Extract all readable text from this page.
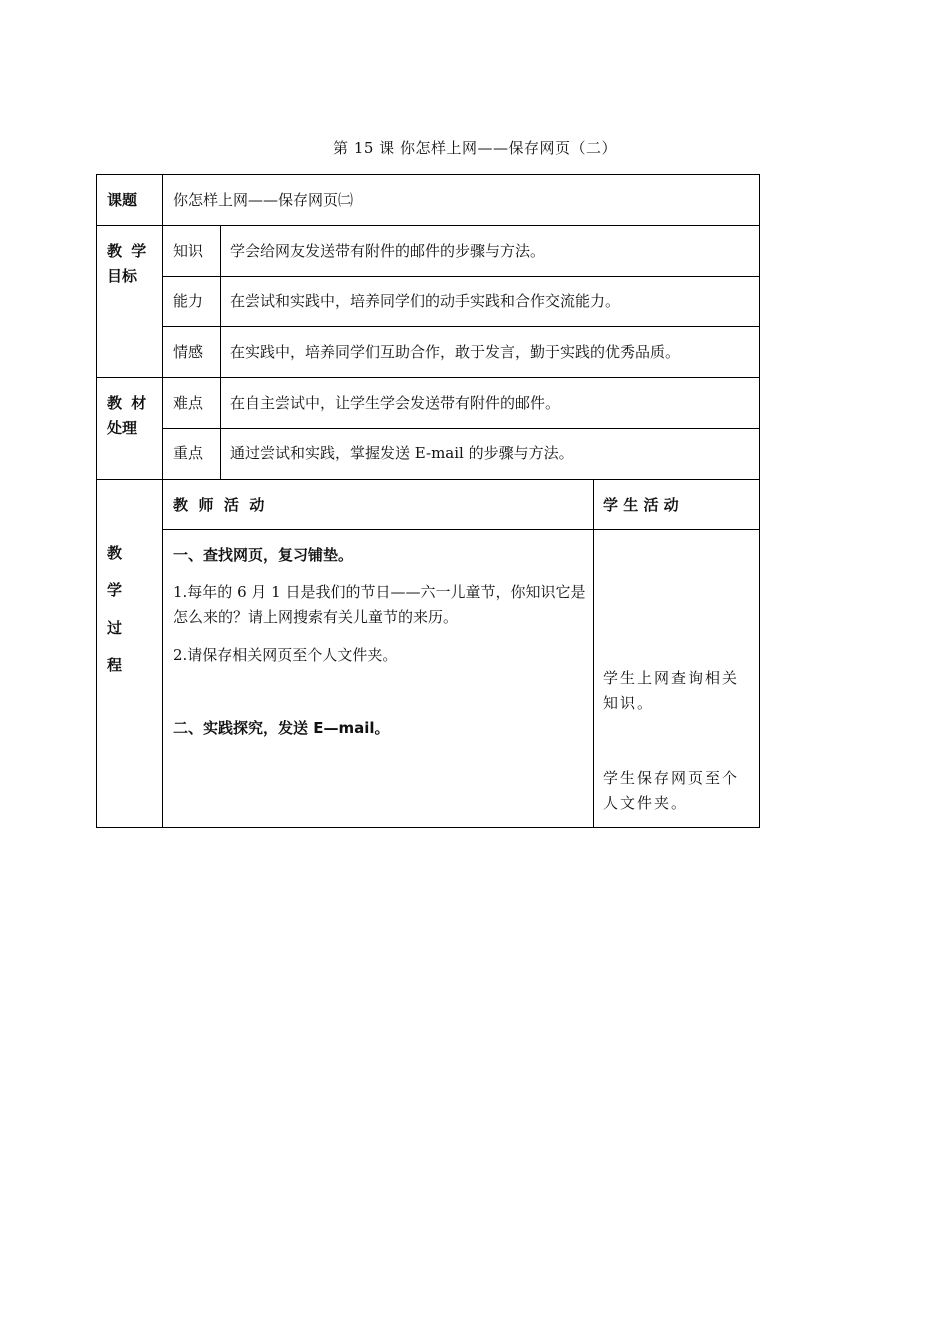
第 15 课 你怎样上网——保存网页（二）
课题 你怎样上网——保存网页㈡
教 学
目标
知识 学会给网友发送带有附件的邮件的步骤与方法。
能力 在尝试和实践中，培养同学们的动手实践和合作交流能力。
情感 在实践中，培养同学们互助合作，敢于发言，勤于实践的优秀品质。
教 材
处理
难点 在自主尝试中，让学生学会发送带有附件的邮件。
重点 通过尝试和实践，掌握发送 E-mail 的步骤与方法。
教
学
过
程
教  师  活  动	学 生 活 动
一、查找网页，复习铺垫。
1.每年的 6 月 1 日是我们的节日——六一儿童节，你知识它是怎么来的？请上网搜索有关儿童节的来历。
2.请保存相关网页至个人文件夹。
二、实践探究，发送 E—mail。
学生上网查询相关知识。
学生保存网页至个人文件夹。
